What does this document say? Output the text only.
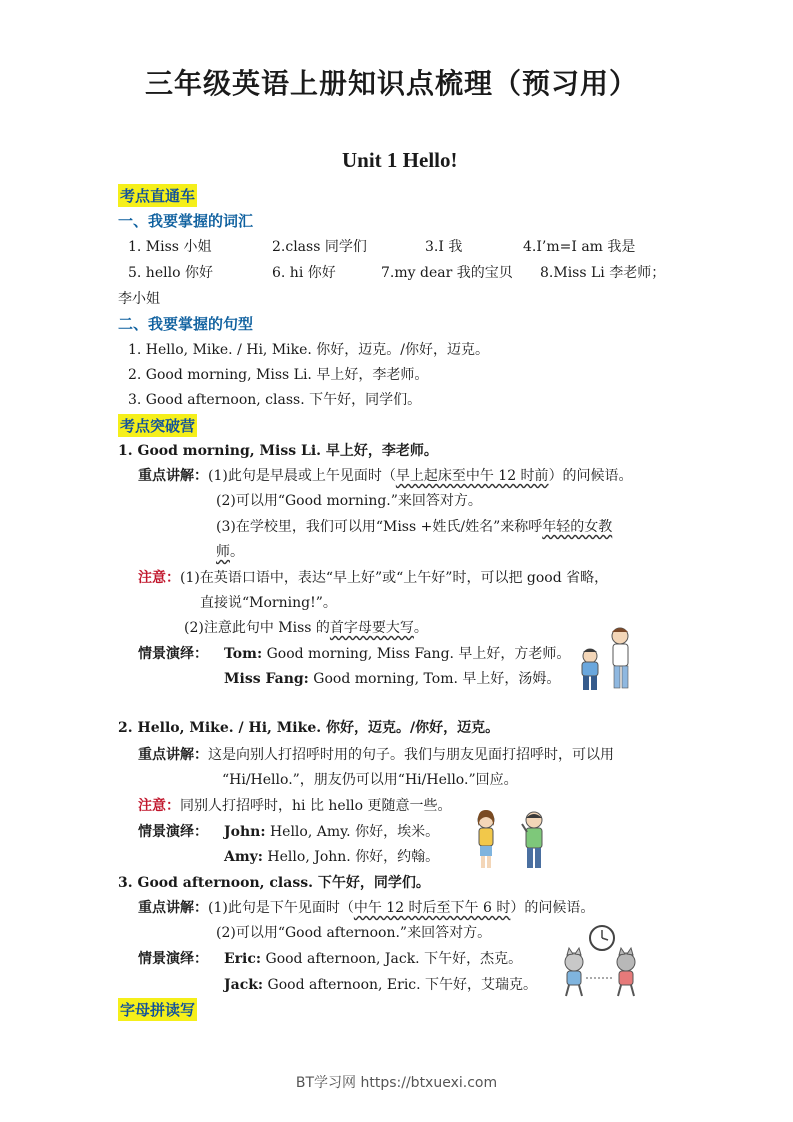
三年级英语上册知识点梳理（预习用）
Unit 1 Hello!
考点直通车
一、我要掌握的词汇
1. Miss 小姐	2.class 同学们	3.I 我	4.I’m=I am 我是
5. hello 你好	6. hi 你好	7.my dear 我的宝贝 8.Miss Li 李老师；
李小姐
二、我要掌握的句型
1. Hello, Mike. / Hi, Mike. 你好，迈克。/你好，迈克。
2. Good morning, Miss Li. 早上好，李老师。
3. Good afternoon, class. 下午好，同学们。
考点突破营
1. Good morning, Miss Li. 早上好，李老师。
重点讲解：(1)此句是早晨或上午见面时（早上起床至中午 12 时前）的问候语。
(2)可以用“Good morning.”来回答对方。
(3)在学校里，我们可以用“Miss +姓氏/姓名”来称呼年轻的女教
师。
注意：(1)在英语口语中，表达“早上好”或“上午好”时，可以把 good 省略，
直接说“Morning!”。
(2)注意此句中 Miss 的首字母要大写。
情景演绎： Tom: Good morning, Miss Fang. 早上好，方老师。
Miss Fang: Good morning, Tom. 早上好，汤姆。
2. Hello, Mike. / Hi, Mike. 你好，迈克。/你好，迈克。
重点讲解：这是向别人打招呼时用的句子。我们与朋友见面打招呼时，可以用
“Hi/Hello.”，朋友仍可以用“Hi/Hello.”回应。
注意：同别人打招呼时，hi 比 hello 更随意一些。
情景演绎： John: Hello, Amy. 你好，埃米。
Amy: Hello, John. 你好，约翰。
3. Good afternoon, class. 下午好，同学们。
重点讲解：(1)此句是下午见面时（中午 12 时后至下午 6 时）的问候语。
(2)可以用“Good afternoon.”来回答对方。
情景演绎： Eric: Good afternoon, Jack. 下午好，杰克。
Jack: Good afternoon, Eric. 下午好，艾瑞克。
字母拼读写
BT学习网 https://btxuexi.com
